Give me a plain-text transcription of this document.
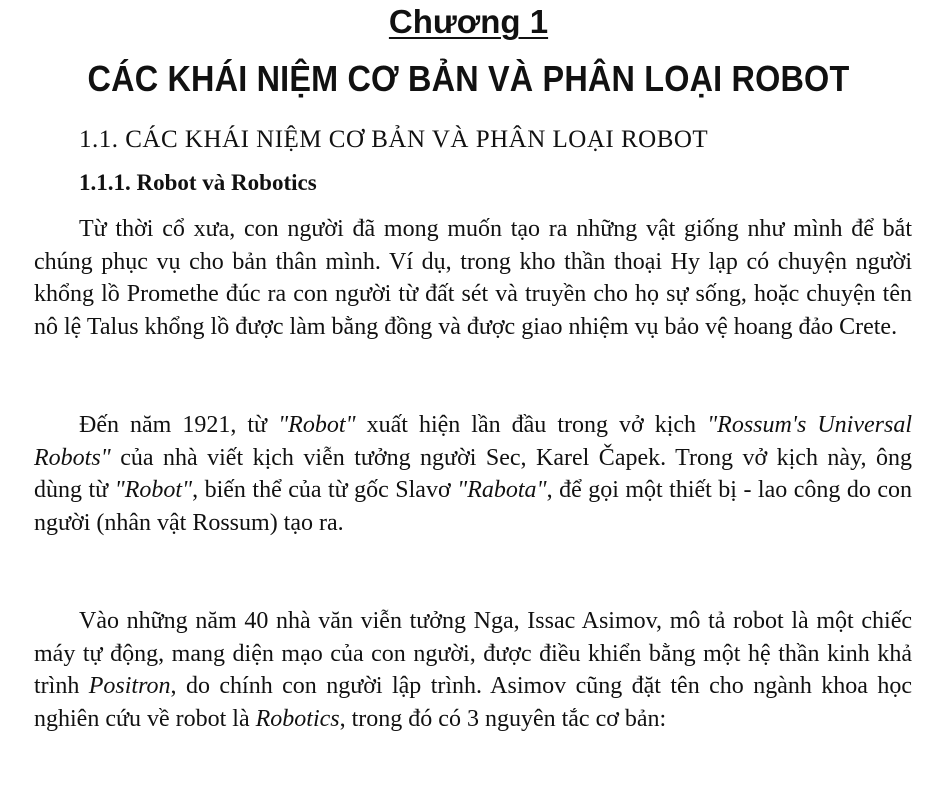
Chương 1
CÁC KHÁI NIỆM CƠ BẢN VÀ PHÂN LOẠI ROBOT
1.1. CÁC KHÁI NIỆM CƠ BẢN VÀ PHÂN LOẠI ROBOT
1.1.1. Robot và Robotics

Từ thời cổ xưa, con người đã mong muốn tạo ra những vật giống như mình để bắt chúng phục vụ cho bản thân mình. Ví dụ, trong kho thần thoại Hy lạp có chuyện người khổng lồ Promethe đúc ra con người từ đất sét và truyền cho họ sự sống, hoặc chuyện tên nô lệ Talus khổng lồ được làm bằng đồng và được giao nhiệm vụ bảo vệ hoang đảo Crete.

Đến năm 1921, từ "Robot" xuất hiện lần đầu trong vở kịch "Rossum's Universal Robots" của nhà viết kịch viễn tưởng người Sec, Karel Čapek. Trong vở kịch này, ông dùng từ "Robot", biến thể của từ gốc Slavơ "Rabota", để gọi một thiết bị - lao công do con người (nhân vật Rossum) tạo ra.

Vào những năm 40 nhà văn viễn tưởng Nga, Issac Asimov, mô tả robot là một chiếc máy tự động, mang diện mạo của con người, được điều khiển bằng một hệ thần kinh khả trình Positron, do chính con người lập trình. Asimov cũng đặt tên cho ngành khoa học nghiên cứu về robot là Robotics, trong đó có 3 nguyên tắc cơ bản:
